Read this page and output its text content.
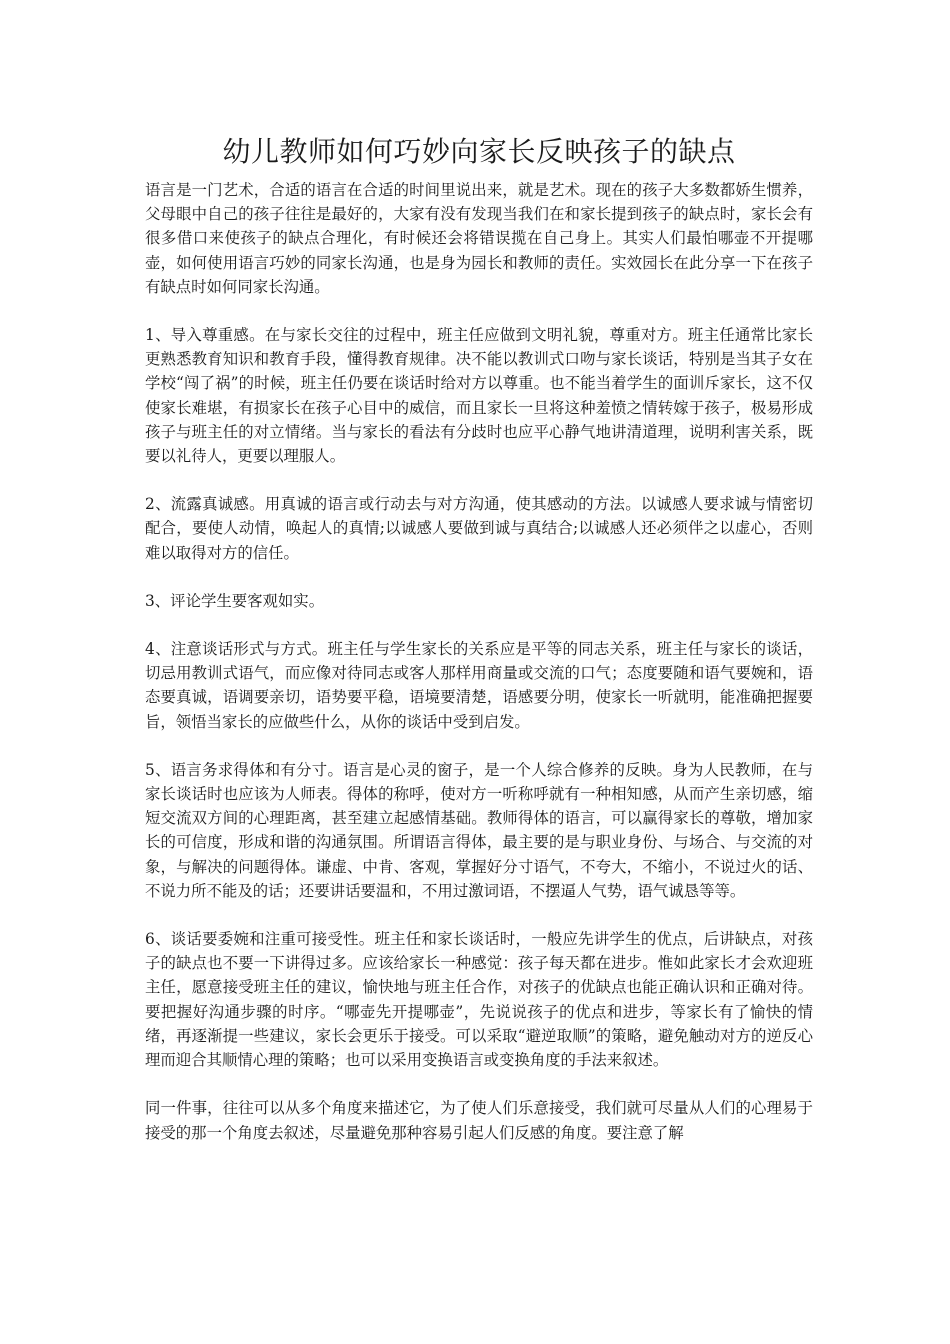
幼儿教师如何巧妙向家长反映孩子的缺点

语言是一门艺术，合适的语言在合适的时间里说出来，就是艺术。现在的孩子大多数都娇生惯养，父母眼中自己的孩子往往是最好的，大家有没有发现当我们在和家长提到孩子的缺点时，家长会有很多借口来使孩子的缺点合理化，有时候还会将错误揽在自己身上。其实人们最怕哪壶不开提哪壶，如何使用语言巧妙的同家长沟通，也是身为园长和教师的责任。实效园长在此分享一下在孩子有缺点时如何同家长沟通。

1、导入尊重感。在与家长交往的过程中，班主任应做到文明礼貌，尊重对方。班主任通常比家长更熟悉教育知识和教育手段，懂得教育规律。决不能以教训式口吻与家长谈话，特别是当其子女在学校“闯了祸”的时候，班主任仍要在谈话时给对方以尊重。也不能当着学生的面训斥家长，这不仅使家长难堪，有损家长在孩子心目中的威信，而且家长一旦将这种羞愤之情转嫁于孩子，极易形成孩子与班主任的对立情绪。当与家长的看法有分歧时也应平心静气地讲清道理，说明利害关系，既要以礼待人，更要以理服人。

2、流露真诚感。用真诚的语言或行动去与对方沟通，使其感动的方法。以诚感人要求诚与情密切配合，要使人动情，唤起人的真情;以诚感人要做到诚与真结合;以诚感人还必须伴之以虚心，否则难以取得对方的信任。

3、评论学生要客观如实。

4、注意谈话形式与方式。班主任与学生家长的关系应是平等的同志关系，班主任与家长的谈话，切忌用教训式语气，而应像对待同志或客人那样用商量或交流的口气；态度要随和语气要婉和，语态要真诚，语调要亲切，语势要平稳，语境要清楚，语感要分明，使家长一听就明，能准确把握要旨，领悟当家长的应做些什么，从你的谈话中受到启发。

5、语言务求得体和有分寸。语言是心灵的窗子，是一个人综合修养的反映。身为人民教师，在与家长谈话时也应该为人师表。得体的称呼，使对方一听称呼就有一种相知感，从而产生亲切感，缩短交流双方间的心理距离，甚至建立起感情基础。教师得体的语言，可以赢得家长的尊敬，增加家长的可信度，形成和谐的沟通氛围。所谓语言得体，最主要的是与职业身份、与场合、与交流的对象，与解决的问题得体。谦虚、中肯、客观，掌握好分寸语气，不夸大，不缩小，不说过火的话、不说力所不能及的话；还要讲话要温和，不用过激词语，不摆逼人气势，语气诚恳等等。

6、谈话要委婉和注重可接受性。班主任和家长谈话时，一般应先讲学生的优点，后讲缺点，对孩子的缺点也不要一下讲得过多。应该给家长一种感觉：孩子每天都在进步。惟如此家长才会欢迎班主任，愿意接受班主任的建议，愉快地与班主任合作，对孩子的优缺点也能正确认识和正确对待。要把握好沟通步骤的时序。“哪壶先开提哪壶”，先说说孩子的优点和进步，等家长有了愉快的情绪，再逐渐提一些建议，家长会更乐于接受。可以采取“避逆取顺”的策略，避免触动对方的逆反心理而迎合其顺情心理的策略；也可以采用变换语言或变换角度的手法来叙述。

同一件事，往往可以从多个角度来描述它，为了使人们乐意接受，我们就可尽量从人们的心理易于接受的那一个角度去叙述，尽量避免那种容易引起人们反感的角度。要注意了解
